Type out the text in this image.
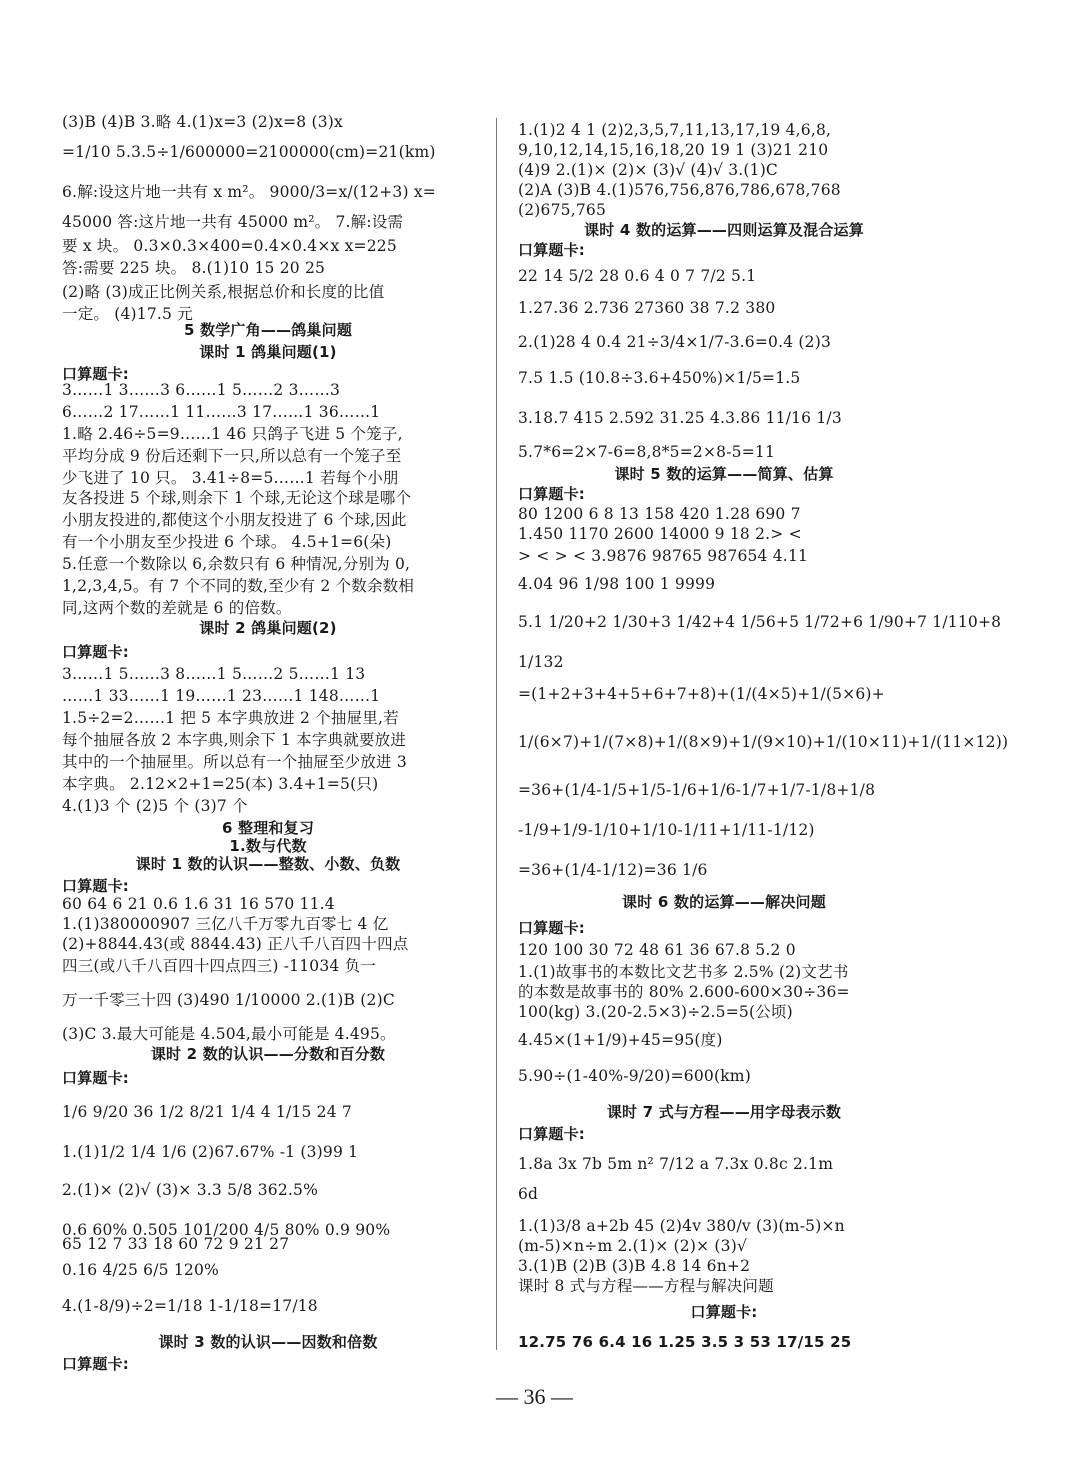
(3)B (4)B 3.略 4.(1)x=3 (2)x=8 (3)x
=1/10 5.3.5÷1/600000=2100000(cm)=21(km)
6.解:设这片地一共有 x m²。 9000/3=x/(12+3) x=
45000 答:这片地一共有 45000 m²。 7.解:设需
要 x 块。 0.3×0.3×400=0.4×0.4×x x=225
答:需要 225 块。 8.(1)10 15 20 25
(2)略 (3)成正比例关系,根据总价和长度的比值
一定。 (4)17.5 元
5 数学广角——鸽巢问题
课时 1 鸽巢问题(1)
口算题卡:
3……1 3……3 6……1 5……2 3……3
6……2 17……1 11……3 17……1 36……1
1.略 2.46÷5=9……1 46 只鸽子飞进 5 个笼子,
平均分成 9 份后还剩下一只,所以总有一个笼子至
少飞进了 10 只。 3.41÷8=5……1 若每个小朋
友各投进 5 个球,则余下 1 个球,无论这个球是哪个
小朋友投进的,都使这个小朋友投进了 6 个球,因此
有一个小朋友至少投进 6 个球。 4.5+1=6(朵)
5.任意一个数除以 6,余数只有 6 种情况,分别为 0,
1,2,3,4,5。有 7 个不同的数,至少有 2 个数余数相
同,这两个数的差就是 6 的倍数。
课时 2 鸽巢问题(2)
口算题卡:
3……1 5……3 8……1 5……2 5……1 13
……1 33……1 19……1 23……1 148……1
1.5÷2=2……1 把 5 本字典放进 2 个抽屉里,若
每个抽屉各放 2 本字典,则余下 1 本字典就要放进
其中的一个抽屉里。所以总有一个抽屉至少放进 3
本字典。 2.12×2+1=25(本) 3.4+1=5(只)
4.(1)3 个 (2)5 个 (3)7 个
6 整理和复习
1.数与代数
课时 1 数的认识——整数、小数、负数
口算题卡:
60 64 6 21 0.6 1.6 31 16 570 11.4
1.(1)380000907 三亿八千万零九百零七 4 亿
(2)+8844.43(或 8844.43) 正八千八百四十四点
四三(或八千八百四十四点四三) -11034 负一
万一千零三十四 (3)490 1/10000 2.(1)B (2)C
(3)C 3.最大可能是 4.504,最小可能是 4.495。
课时 2 数的认识——分数和百分数
口算题卡:
1/6 9/20 36 1/2 8/21 1/4 4 1/15 24 7
1.(1)1/2 1/4 1/6 (2)67.67% -1 (3)99 1
2.(1)× (2)√ (3)× 3.3 5/8 362.5%
0.6 60% 0.505 101/200 4/5 80% 0.9 90%
0.16 4/25 6/5 120%
4.(1-8/9)÷2=1/18 1-1/18=17/18
课时 3 数的认识——因数和倍数
口算题卡:
65 12 7 33 18 60 72 9 21 27
1.(1)2 4 1 (2)2,3,5,7,11,13,17,19 4,6,8,
9,10,12,14,15,16,18,20 19 1 (3)21 210
(4)9 2.(1)× (2)× (3)√ (4)√ 3.(1)C
(2)A (3)B 4.(1)576,756,876,786,678,768
(2)675,765
课时 4 数的运算——四则运算及混合运算
口算题卡:
22 14 5/2 28 0.6 4 0 7 7/2 5.1
1.27.36 2.736 27360 38 7.2 380
2.(1)28 4 0.4 21÷3/4×1/7-3.6=0.4 (2)3
7.5 1.5 (10.8÷3.6+450%)×1/5=1.5
3.18.7 415 2.592 31.25 4.3.86 11/16 1/3
5.7*6=2×7-6=8,8*5=2×8-5=11
课时 5 数的运算——简算、估算
口算题卡:
80 1200 6 8 13 158 420 1.28 690 7
1.450 1170 2600 14000 9 18 2.> <
> < > < 3.9876 98765 987654 4.11
4.04 96 1/98 100 1 9999
5.1 1/20+2 1/30+3 1/42+4 1/56+5 1/72+6 1/90+7 1/110+8
1/132
=(1+2+3+4+5+6+7+8)+(1/(4×5)+1/(5×6)+
1/(6×7)+1/(7×8)+1/(8×9)+1/(9×10)+1/(10×11)+1/(11×12))
=36+(1/4-1/5+1/5-1/6+1/6-1/7+1/7-1/8+1/8
-1/9+1/9-1/10+1/10-1/11+1/11-1/12)
=36+(1/4-1/12)=36 1/6
课时 6 数的运算——解决问题
口算题卡:
120 100 30 72 48 61 36 67.8 5.2 0
1.(1)故事书的本数比文艺书多 2.5% (2)文艺书
的本数是故事书的 80% 2.600-600×30÷36=
100(kg) 3.(20-2.5×3)÷2.5=5(公顷)
4.45×(1+1/9)+45=95(度)
5.90÷(1-40%-9/20)=600(km)
课时 7 式与方程——用字母表示数
口算题卡:
1.8a 3x 7b 5m n² 7/12 a 7.3x 0.8c 2.1m
6d
1.(1)3/8 a+2b 45 (2)4v 380/v (3)(m-5)×n
(m-5)×n÷m 2.(1)× (2)× (3)√
3.(1)B (2)B (3)B 4.8 14 6n+2
课时 8 式与方程——方程与解决问题
口算题卡:
12.75 76 6.4 16 1.25 3.5 3 53 17/15 25
— 36 —
